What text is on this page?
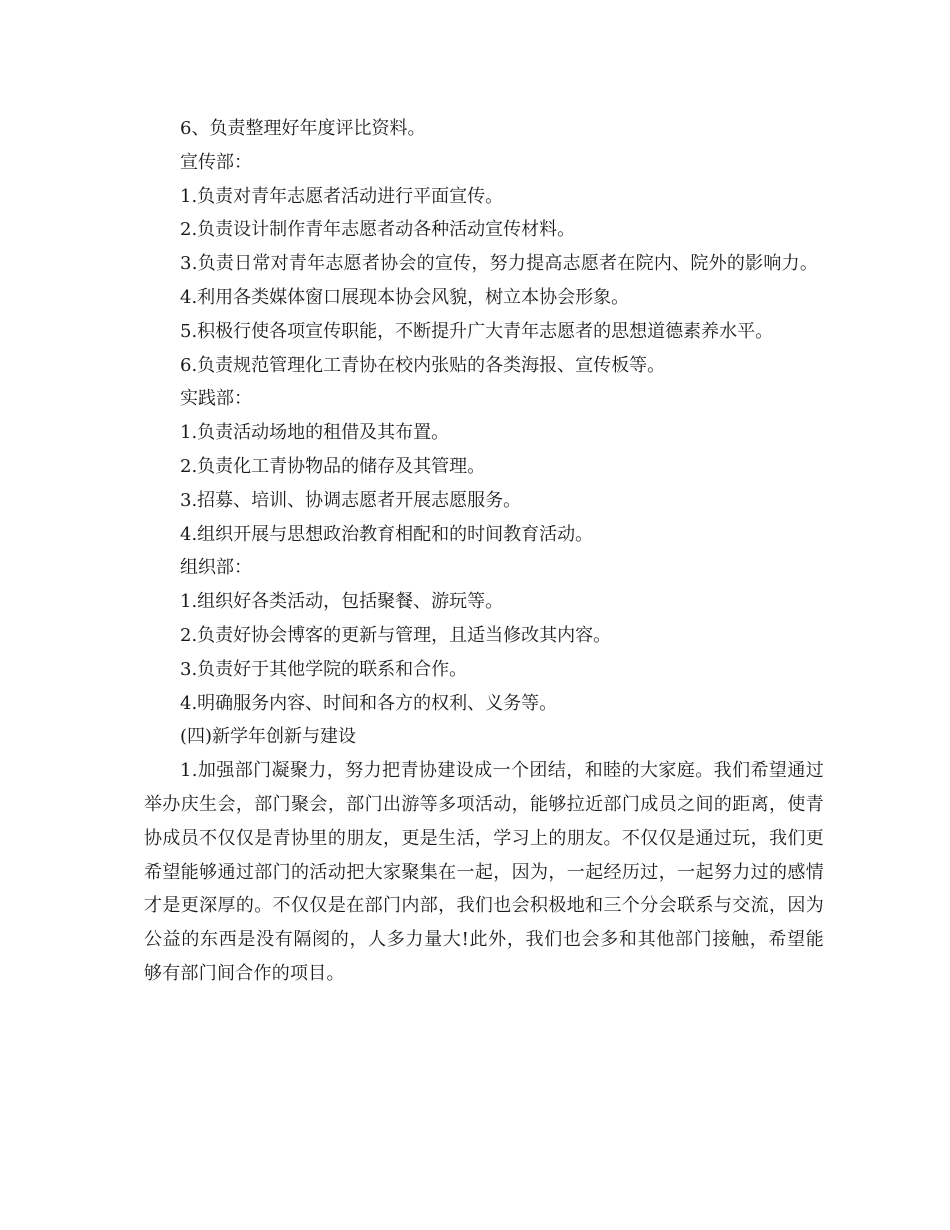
6、负责整理好年度评比资料。

宣传部：

1.负责对青年志愿者活动进行平面宣传。

2.负责设计制作青年志愿者动各种活动宣传材料。

3.负责日常对青年志愿者协会的宣传，努力提高志愿者在院内、院外的影响力。

4.利用各类媒体窗口展现本协会风貌，树立本协会形象。

5.积极行使各项宣传职能，不断提升广大青年志愿者的思想道德素养水平。

6.负责规范管理化工青协在校内张贴的各类海报、宣传板等。

实践部：

1.负责活动场地的租借及其布置。

2.负责化工青协物品的储存及其管理。

3.招募、培训、协调志愿者开展志愿服务。

4.组织开展与思想政治教育相配和的时间教育活动。

组织部：

1.组织好各类活动，包括聚餐、游玩等。

2.负责好协会博客的更新与管理，且适当修改其内容。

3.负责好于其他学院的联系和合作。

4.明确服务内容、时间和各方的权利、义务等。

(四)新学年创新与建设

1.加强部门凝聚力，努力把青协建设成一个团结，和睦的大家庭。我们希望通过举办庆生会，部门聚会，部门出游等多项活动，能够拉近部门成员之间的距离，使青协成员不仅仅是青协里的朋友，更是生活，学习上的朋友。不仅仅是通过玩，我们更希望能够通过部门的活动把大家聚集在一起，因为，一起经历过，一起努力过的感情才是更深厚的。不仅仅是在部门内部，我们也会积极地和三个分会联系与交流，因为公益的东西是没有隔阂的，人多力量大!此外，我们也会多和其他部门接触，希望能够有部门间合作的项目。
